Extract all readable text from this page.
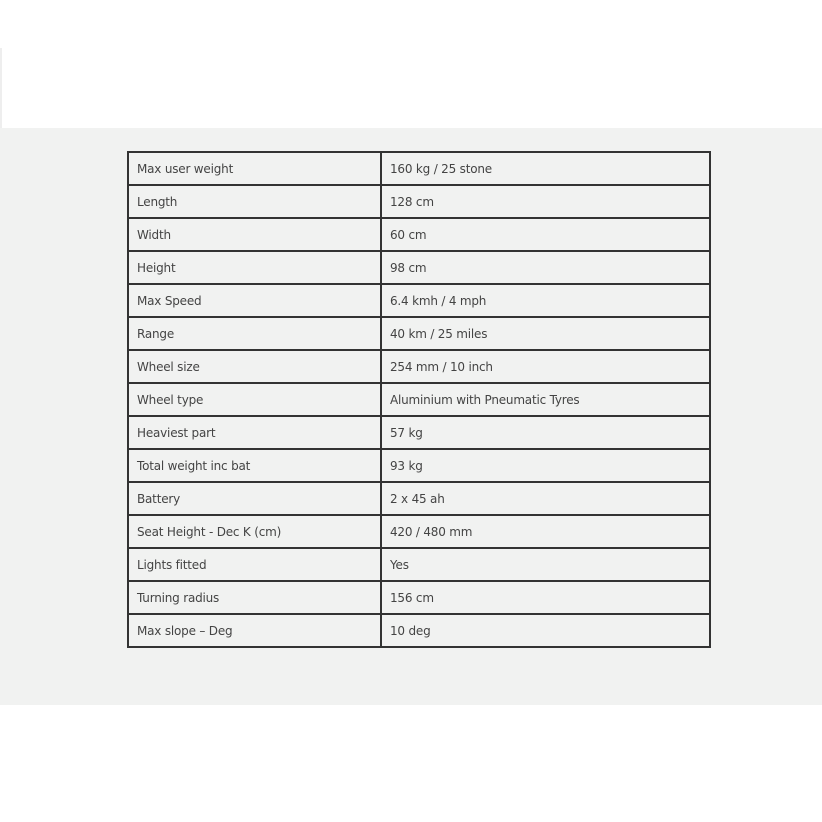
Max user weight	160 kg / 25 stone
Length	128 cm
Width	60 cm
Height	98 cm
Max Speed	6.4 kmh / 4 mph
Range	40 km / 25 miles
Wheel size	254 mm / 10 inch
Wheel type	Aluminium with Pneumatic Tyres
Heaviest part	57 kg
Total weight inc bat	93 kg
Battery	2 x 45 ah
Seat Height - Dec K (cm)	420 / 480 mm
Lights fitted	Yes
Turning radius	156 cm
Max slope – Deg	10 deg
